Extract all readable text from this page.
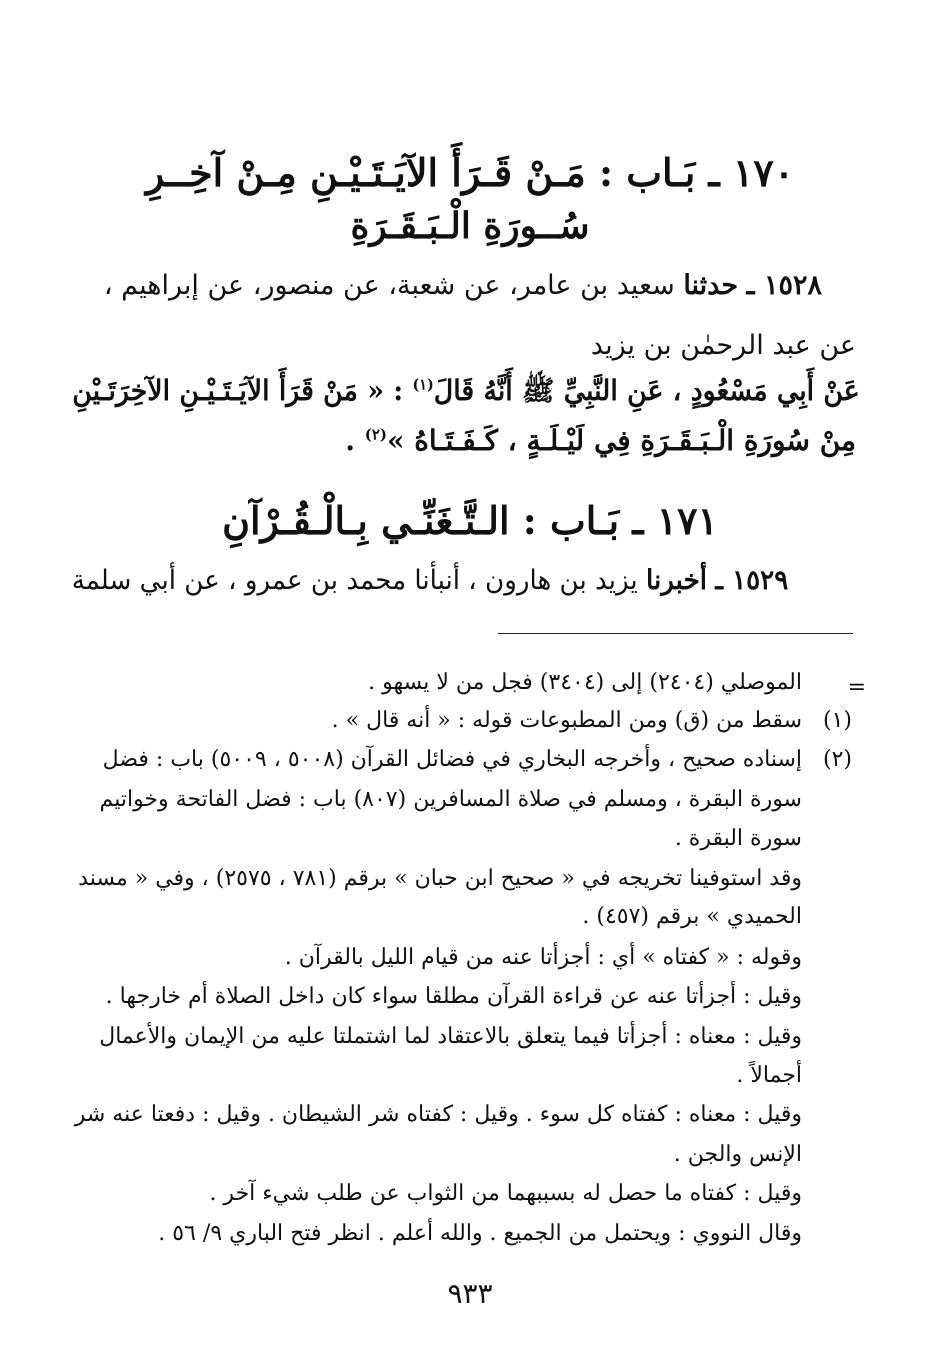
١٧٠ ـ بَـاب : مَـنْ قَـرَأَ الآيَـتَـيْـنِ مِـنْ آخِــرِ
سُــورَةِ الْـبَـقَـرَةِ
١٥٢٨ ـ حدثنا سعيد بن عامر، عن شعبة، عن منصور، عن إبراهيم ،
عن عبد الرحمٰن بن يزيد
عَنْ أَبِي مَسْعُودٍ ، عَنِ النَّبِيِّ ﷺ أَنَّهُ قَالَ$^{(١)}$ : « مَنْ قَرَأَ الآيَـتَـيْـنِ الآخِرَتَـيْنِ
مِنْ سُورَةِ الْـبَـقَـرَةِ فِي لَيْـلَـةٍ ، كَـفَـتَـاهُ »$^{(٢)}$ .
١٧١ ـ بَـاب : الـتَّـغَنِّـي بِـالْـقُـرْآنِ
١٥٢٩ ـ أخبرنا يزيد بن هارون ، أنبأنا محمد بن عمرو ، عن أبي سلمة
=
الموصلي (٢٤٠٤) إلى (٣٤٠٤) فجل من لا يسهو .
(١)
سقط من (ق) ومن المطبوعات قوله : « أنه قال » .
(٢)
إسناده صحيح ، وأخرجه البخاري في فضائل القرآن (٥٠٠٨ ، ٥٠٠٩) باب : فضل
سورة البقرة ، ومسلم في صلاة المسافرين (٨٠٧) باب : فضل الفاتحة وخواتيم
سورة البقرة .
وقد استوفينا تخريجه في « صحيح ابن حبان » برقم (٧٨١ ، ٢٥٧٥) ، وفي « مسند
الحميدي » برقم (٤٥٧) .
وقوله : « كفتاه » أي : أجزأتا عنه من قيام الليل بالقرآن .
وقيل : أجزأتا عنه عن قراءة القرآن مطلقا سواء كان داخل الصلاة أم خارجها .
وقيل : معناه : أجزأتا فيما يتعلق بالاعتقاد لما اشتملتا عليه من الإيمان والأعمال
أجمالاً .
وقيل : معناه : كفتاه كل سوء . وقيل : كفتاه شر الشيطان . وقيل : دفعتا عنه شر
الإنس والجن .
وقيل : كفتاه ما حصل له بسببهما من الثواب عن طلب شيء آخر .
وقال النووي : ويحتمل من الجميع . والله أعلم . انظر فتح الباري ٩/ ٥٦ .
٩٣٣
